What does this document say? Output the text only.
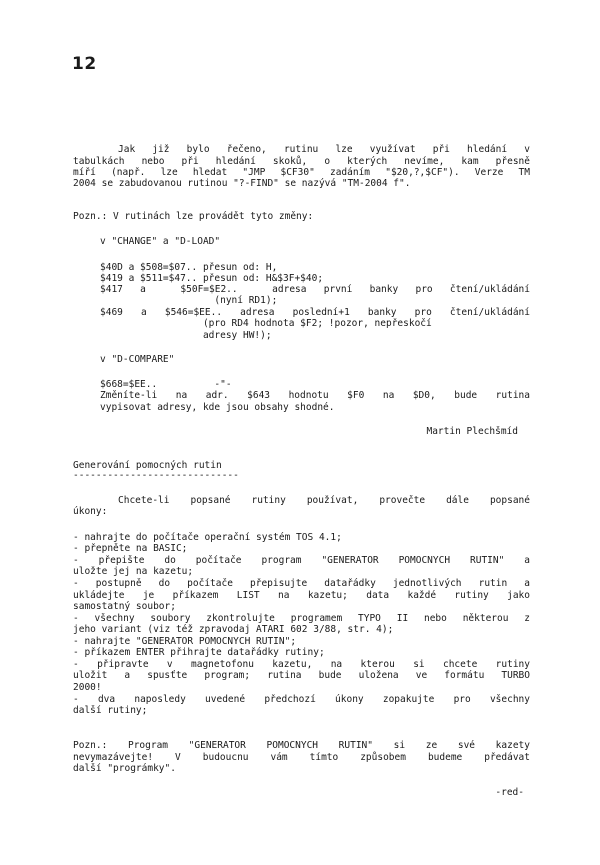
12
Jak již bylo řečeno, rutinu lze využívat při hledání v
tabulkách nebo při hledání skoků, o kterých nevíme, kam přesně
míří (např. lze hledat "JMP $CF30" zadáním "$20,?,$CF"). Verze TM
2004 se zabudovanou rutinou "?-FIND" se nazývá "TM-2004 f".
Pozn.: V rutinách lze provádět tyto změny:
v "CHANGE" a "D-LOAD"
$40D a $508=$07.. přesun od: H,
$419 a $511=$47.. přesun od: H&$3F+$40;
$417 a  $50F=$E2..  adresa první banky pro čtení/ukládání
(nyní RD1);
$469 a $546=$EE.. adresa poslední+1 banky pro čtení/ukládání
(pro RD4 hodnota $F2; !pozor, nepřeskočí
adresy HW!);
v "D-COMPARE"
$668=$EE..          -"-
Změníte-li na adr. $643 hodnotu $F0 na $D0, bude rutina
vypisovat adresy, kde jsou obsahy shodné.
Martin Plechšmíd
Generování pomocných rutin
-----------------------------
Chcete-li popsané rutiny používat, provečte dále popsané
úkony:
- nahrajte do počítače operační systém TOS 4.1;
- přepněte na BASIC;
- přepište do počítače program "GENERATOR POMOCNYCH RUTIN" a
uložte jej na kazetu;
- postupně do počítače přepisujte datařádky jednotlivých rutin a
ukládejte je příkazem LIST na kazetu; data každé rutiny jako
samostatný soubor;
- všechny soubory zkontrolujte programem TYPO II nebo některou z
jeho variant (viz též zpravodaj ATARI 602 3/88, str. 4);
- nahrajte "GENERATOR POMOCNYCH RUTIN";
- příkazem ENTER přihrajte datařádky rutiny;
- připravte v magnetofonu kazetu, na kterou si chcete rutiny
uložit a spusťte program; rutina bude uložena ve formátu TURBO
2000!
- dva naposledy uvedené předchozí úkony zopakujte pro všechny
další rutiny;
Pozn.: Program "GENERATOR POMOCNYCH RUTIN" si ze své kazety
nevymazávejte! V budoucnu vám tímto způsobem budeme předávat
další "prográmky".
-red-
